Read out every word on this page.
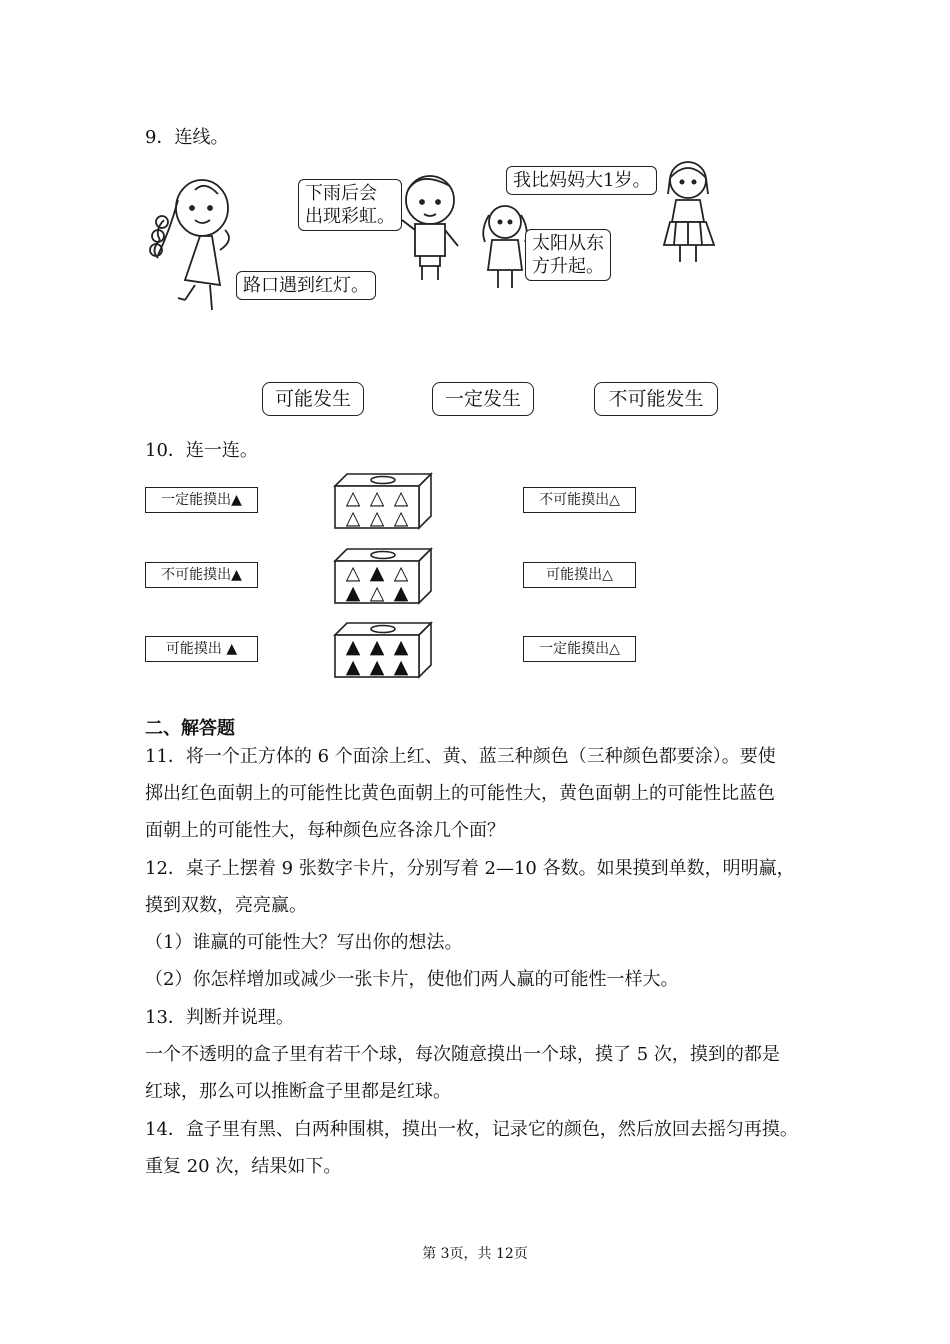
9．连线。
路口遇到红灯。
下雨后会
出现彩虹。
我比妈妈大1岁。
太阳从东
方升起。
可能发生	一定发生	不可能发生
10．连一连。
一定能摸出▲
不可能摸出▲
可能摸出 ▲
不可能摸出△
可能摸出△
一定能摸出△
△ △ △
△ △ △
△ ▲ △
▲ △ ▲
▲ ▲ ▲
▲ ▲ ▲
二、解答题
11．将一个正方体的 6 个面涂上红、黄、蓝三种颜色（三种颜色都要涂）。要使
掷出红色面朝上的可能性比黄色面朝上的可能性大，黄色面朝上的可能性比蓝色
面朝上的可能性大，每种颜色应各涂几个面？
12．桌子上摆着 9 张数字卡片，分别写着 2—10 各数。如果摸到单数，明明赢，
摸到双数，亮亮赢。
（1）谁赢的可能性大？写出你的想法。
（2）你怎样增加或减少一张卡片，使他们两人赢的可能性一样大。
13．判断并说理。
一个不透明的盒子里有若干个球，每次随意摸出一个球，摸了 5 次，摸到的都是
红球，那么可以推断盒子里都是红球。
14．盒子里有黑、白两种围棋，摸出一枚，记录它的颜色，然后放回去摇匀再摸。
重复 20 次，结果如下。
第 3页，共 12页
